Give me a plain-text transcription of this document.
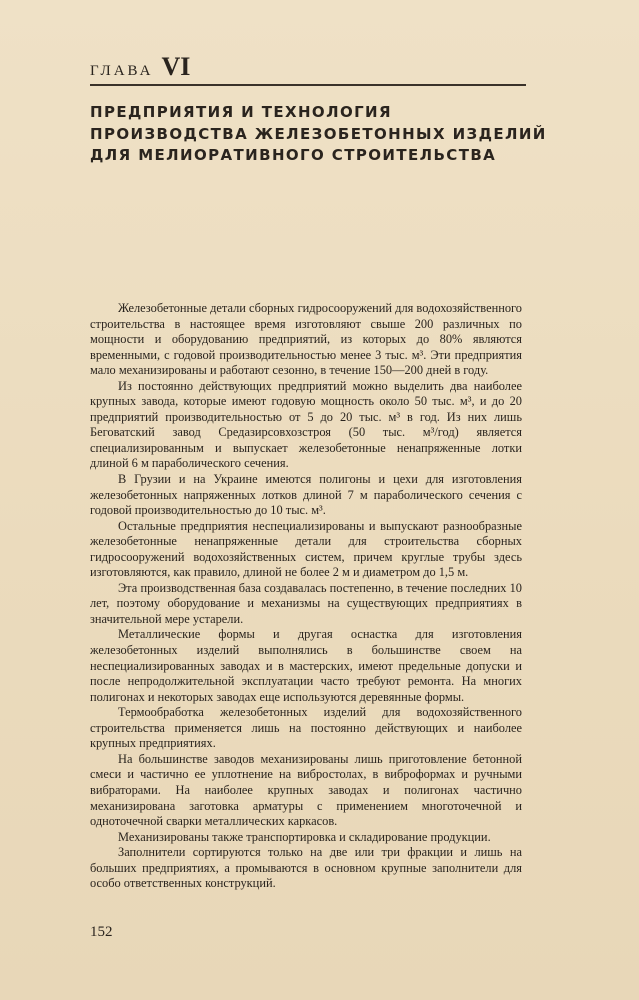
ГЛАВА VI
ПРЕДПРИЯТИЯ И ТЕХНОЛОГИЯ
ПРОИЗВОДСТВА ЖЕЛЕЗОБЕТОННЫХ ИЗДЕЛИЙ
ДЛЯ МЕЛИОРАТИВНОГО СТРОИТЕЛЬСТВА

Железобетонные детали сборных гидросооружений для водохозяйственного строительства в настоящее время изготовляют свыше 200 различных по мощности и оборудованию предприятий, из которых до 80% являются временными, с годовой производительностью менее 3 тыс. м³. Эти предприятия мало механизированы и работают сезонно, в течение 150—200 дней в году.

Из постоянно действующих предприятий можно выделить два наиболее крупных завода, которые имеют годовую мощность около 50 тыс. м³, и до 20 предприятий производительностью от 5 до 20 тыс. м³ в год. Из них лишь Беговатский завод Средазирсовхозстроя (50 тыс. м³/год) является специализированным и выпускает железобетонные ненапряженные лотки длиной 6 м параболического сечения.

В Грузии и на Украине имеются полигоны и цехи для изготовления железобетонных напряженных лотков длиной 7 м параболического сечения с годовой производительностью до 10 тыс. м³.

Остальные предприятия неспециализированы и выпускают разнообразные железобетонные ненапряженные детали для строительства сборных гидросооружений водохозяйственных систем, причем круглые трубы здесь изготовляются, как правило, длиной не более 2 м и диаметром до 1,5 м.

Эта производственная база создавалась постепенно, в течение последних 10 лет, поэтому оборудование и механизмы на существующих предприятиях в значительной мере устарели.

Металлические формы и другая оснастка для изготовления железобетонных изделий выполнялись в большинстве своем на неспециализированных заводах и в мастерских, имеют предельные допуски и после непродолжительной эксплуатации часто требуют ремонта. На многих полигонах и некоторых заводах еще используются деревянные формы.

Термообработка железобетонных изделий для водохозяйственного строительства применяется лишь на постоянно действующих и наиболее крупных предприятиях.

На большинстве заводов механизированы лишь приготовление бетонной смеси и частично ее уплотнение на вибростолах, в виброформах и ручными вибраторами. На наиболее крупных заводах и полигонах частично механизирована заготовка арматуры с применением многоточечной и одноточечной сварки металлических каркасов.

Механизированы также транспортировка и складирование продукции.

Заполнители сортируются только на две или три фракции и лишь на больших предприятиях, а промываются в основном крупные заполнители для особо ответственных конструкций.

152
